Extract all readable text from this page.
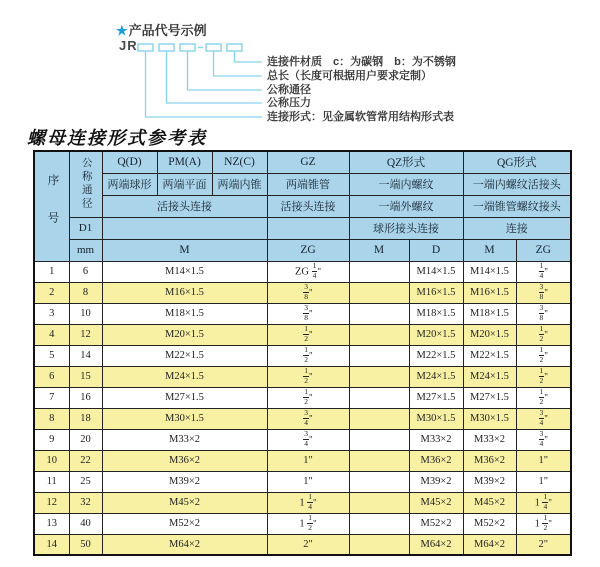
★产品代号示例
JR
连接件材质　c：为碳钢　b：为不锈钢
总长（长度可根据用户要求定制）
公称通径
公称压力
连接形式：见金属软管常用结构形式表
螺母连接形式参考表
序号	公称通径	Q(D)	PM(A)	NZ(C)	GZ	QZ形式		QG形式	
		两端球形	两端平面	两端内锥	两端锥管	一端内螺纹		一端内螺纹活接头	
		活接头连接			活接头连接	一端外螺纹		一端锥管螺纹接头	
	D1					球形接头连接		连接	
	mm	M			ZG	M	D	M	ZG
1	6	M14×1.5			ZG $\frac{1}{4}$ "		M14×1.5	M14×1.5	$\frac{1}{4}$ "
2	8	M16×1.5			$\frac{3}{8}$ "		M16×1.5	M16×1.5	$\frac{3}{8}$ "
3	10	M18×1.5			$\frac{3}{8}$ "		M18×1.5	M18×1.5	$\frac{3}{8}$ "
4	12	M20×1.5			$\frac{1}{2}$ "		M20×1.5	M20×1.5	$\frac{1}{2}$ "
5	14	M22×1.5			$\frac{1}{2}$ "		M22×1.5	M22×1.5	$\frac{1}{2}$ "
6	15	M24×1.5			$\frac{1}{2}$ "		M24×1.5	M24×1.5	$\frac{1}{2}$ "
7	16	M27×1.5			$\frac{1}{2}$ "		M27×1.5	M27×1.5	$\frac{1}{2}$ "
8	18	M30×1.5			$\frac{3}{4}$ "		M30×1.5	M30×1.5	$\frac{3}{4}$ "
9	20	M33×2			$\frac{3}{4}$ "		M33×2	M33×2	$\frac{3}{4}$ "
10	22	M36×2			1"		M36×2	M36×2	1"
11	25	M39×2			1"		M39×2	M39×2	1"
12	32	M45×2			$1 \frac{1}{4}$ "		M45×2	M45×2	$1 \frac{1}{4}$ "
13	40	M52×2			$1 \frac{1}{2}$ "		M52×2	M52×2	$1 \frac{1}{2}$ "
14	50	M64×2			2"		M64×2	M64×2	2"
